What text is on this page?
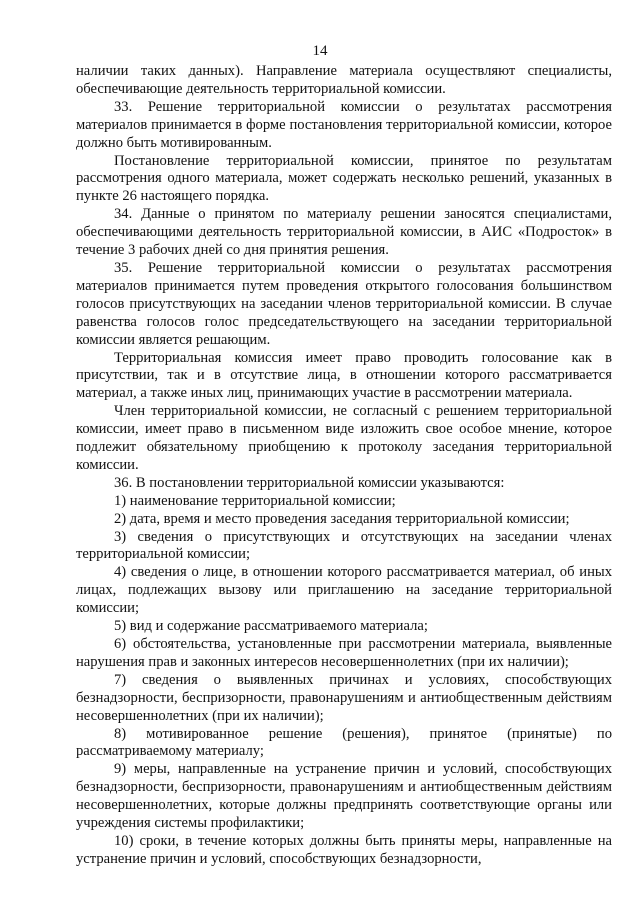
14

наличии таких данных). Направление материала осуществляют специалисты, обеспечивающие деятельность территориальной комиссии.

33. Решение территориальной комиссии о результатах рассмотрения материалов принимается в форме постановления территориальной комиссии, которое должно быть мотивированным.

Постановление территориальной комиссии, принятое по результатам рассмотрения одного материала, может содержать несколько решений, указанных в пункте 26 настоящего порядка.

34. Данные о принятом по материалу решении заносятся специалистами, обеспечивающими деятельность территориальной комиссии, в АИС «Подросток» в течение 3 рабочих дней со дня принятия решения.

35. Решение территориальной комиссии о результатах рассмотрения материалов принимается путем проведения открытого голосования большинством голосов присутствующих на заседании членов территориальной комиссии. В случае равенства голосов голос председательствующего на заседании территориальной комиссии является решающим.

Территориальная комиссия имеет право проводить голосование как в присутствии, так и в отсутствие лица, в отношении которого рассматривается материал, а также иных лиц, принимающих участие в рассмотрении материала.

Член территориальной комиссии, не согласный с решением территориальной комиссии, имеет право в письменном виде изложить свое особое мнение, которое подлежит обязательному приобщению к протоколу заседания территориальной комиссии.

36. В постановлении территориальной комиссии указываются:

1) наименование территориальной комиссии;

2) дата, время и место проведения заседания территориальной комиссии;

3) сведения о присутствующих и отсутствующих на заседании членах территориальной комиссии;

4) сведения о лице, в отношении которого рассматривается материал, об иных лицах, подлежащих вызову или приглашению на заседание территориальной комиссии;

5) вид и содержание рассматриваемого материала;

6) обстоятельства, установленные при рассмотрении материала, выявленные нарушения прав и законных интересов несовершеннолетних (при их наличии);

7) сведения о выявленных причинах и условиях, способствующих безнадзорности, беспризорности, правонарушениям и антиобщественным действиям несовершеннолетних (при их наличии);

8) мотивированное решение (решения), принятое (принятые) по рассматриваемому материалу;

9) меры, направленные на устранение причин и условий, способствующих безнадзорности, беспризорности, правонарушениям и антиобщественным действиям несовершеннолетних, которые должны предпринять соответствующие органы или учреждения системы профилактики;

10) сроки, в течение которых должны быть приняты меры, направленные на устранение причин и условий, способствующих безнадзорности,
